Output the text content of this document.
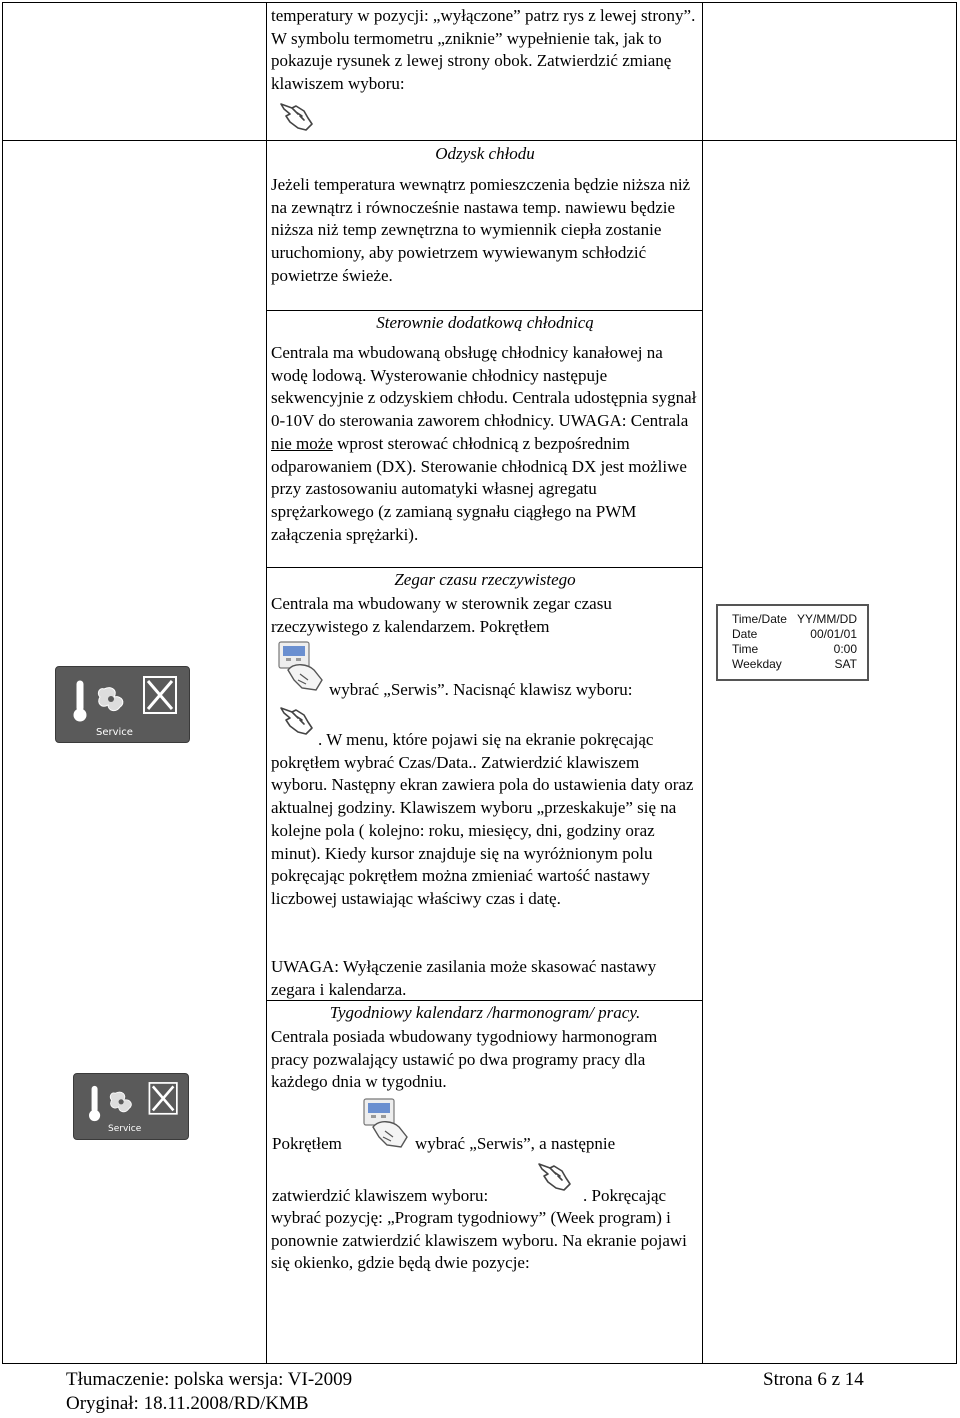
temperatury w pozycji: „wyłączone” patrz rys z lewej strony”. W symbolu termometru „zniknie” wypełnienie tak, jak to pokazuje rysunek z lewej strony obok. Zatwierdzić zmianę klawiszem wyboru:

Odzysk chłodu

Jeżeli temperatura wewnątrz pomieszczenia będzie niższa niż na zewnątrz i równocześnie nastawa temp. nawiewu będzie niższa niż temp zewnętrzna to wymiennik ciepła zostanie uruchomiony, aby powietrzem wywiewanym schłodzić powietrze świeże.

Sterownie dodatkową chłodnicą

Centrala ma wbudowaną obsługę chłodnicy kanałowej na wodę lodową. Wysterowanie chłodnicy następuje sekwencyjnie z odzyskiem chłodu. Centrala udostępnia sygnał 0-10V do sterowania zaworem chłodnicy. UWAGA: Centrala nie może wprost sterować chłodnicą z bezpośrednim odparowaniem (DX). Sterowanie chłodnicą DX jest możliwe przy zastosowaniu automatyki własnej agregatu sprężarkowego (z zamianą sygnału ciągłego na PWM załączenia sprężarki).

Zegar czasu rzeczywistego

Centrala ma wbudowany w sterownik zegar czasu rzeczywistego z kalendarzem. Pokrętłem

wybrać „Serwis”. Nacisnąć klawisz wyboru:

. W menu, które pojawi się na ekranie pokręcając pokrętłem wybrać Czas/Data.. Zatwierdzić klawiszem wyboru. Następny ekran zawiera pola do ustawienia daty oraz aktualnej godziny. Klawiszem wyboru „przeskakuje” się na kolejne pola ( kolejno: roku, miesięcy, dni, godziny oraz minut). Kiedy kursor znajduje się na wyróżnionym polu pokręcając pokrętłem można zmieniać wartość nastawy liczbowej ustawiając właściwy czas i datę.

UWAGA: Wyłączenie zasilania może skasować nastawy zegara i kalendarza.

Time/Date YY/MM/DD
Date	00/01/01
Time	0:00
Weekday	SAT
Service
Tygodniowy kalendarz /harmonogram/ pracy.

Centrala posiada wbudowany tygodniowy harmonogram pracy pozwalający ustawić po dwa programy pracy dla każdego dnia w tygodniu.

Pokrętłem	wybrać „Serwis”, a następnie
zatwierdzić klawiszem wyboru:	. Pokręcając

wybrać pozycję: „Program tygodniowy” (Week program) i ponownie zatwierdzić klawiszem wyboru. Na ekranie pojawi się okienko, gdzie będą dwie pozycje:

Service
Tłumaczenie: polska wersja: VI-2009
Oryginał: 18.11.2008/RD/KMB
Strona 6 z 14
